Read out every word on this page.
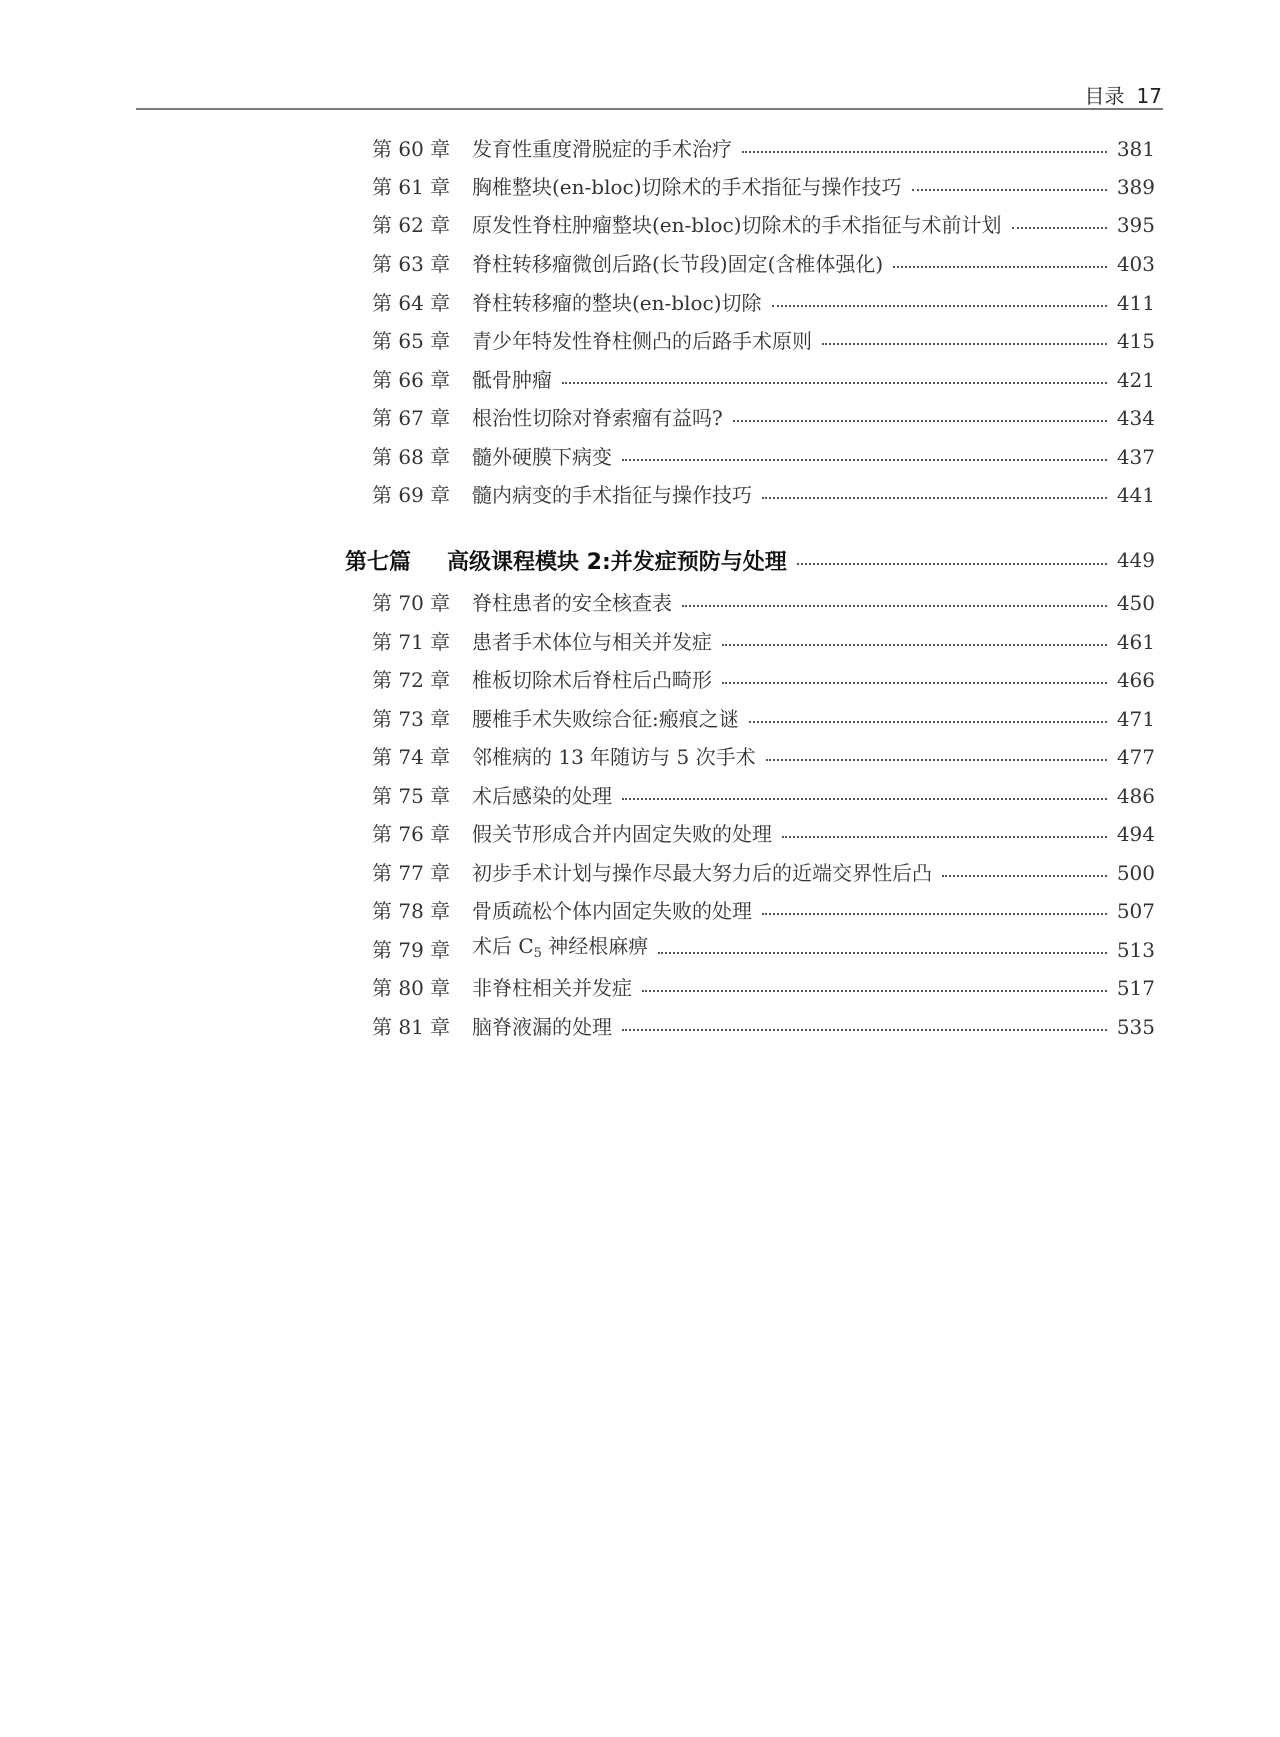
目录 17
第 60 章	发育性重度滑脱症的手术治疗	381
第 61 章	胸椎整块(en-bloc)切除术的手术指征与操作技巧	389
第 62 章	原发性脊柱肿瘤整块(en-bloc)切除术的手术指征与术前计划	395
第 63 章	脊柱转移瘤微创后路(长节段)固定(含椎体强化)	403
第 64 章	脊柱转移瘤的整块(en-bloc)切除	411
第 65 章	青少年特发性脊柱侧凸的后路手术原则	415
第 66 章	骶骨肿瘤	421
第 67 章	根治性切除对脊索瘤有益吗?	434
第 68 章	髓外硬膜下病变	437
第 69 章	髓内病变的手术指征与操作技巧	441
第七篇	高级课程模块 2:并发症预防与处理	449
第 70 章	脊柱患者的安全核查表	450
第 71 章	患者手术体位与相关并发症	461
第 72 章	椎板切除术后脊柱后凸畸形	466
第 73 章	腰椎手术失败综合征:瘢痕之谜	471
第 74 章	邻椎病的 13 年随访与 5 次手术	477
第 75 章	术后感染的处理	486
第 76 章	假关节形成合并内固定失败的处理	494
第 77 章	初步手术计划与操作尽最大努力后的近端交界性后凸	500
第 78 章	骨质疏松个体内固定失败的处理	507
第 79 章	术后 $C_5$ 神经根麻痹	513
第 80 章	非脊柱相关并发症	517
第 81 章	脑脊液漏的处理	535
